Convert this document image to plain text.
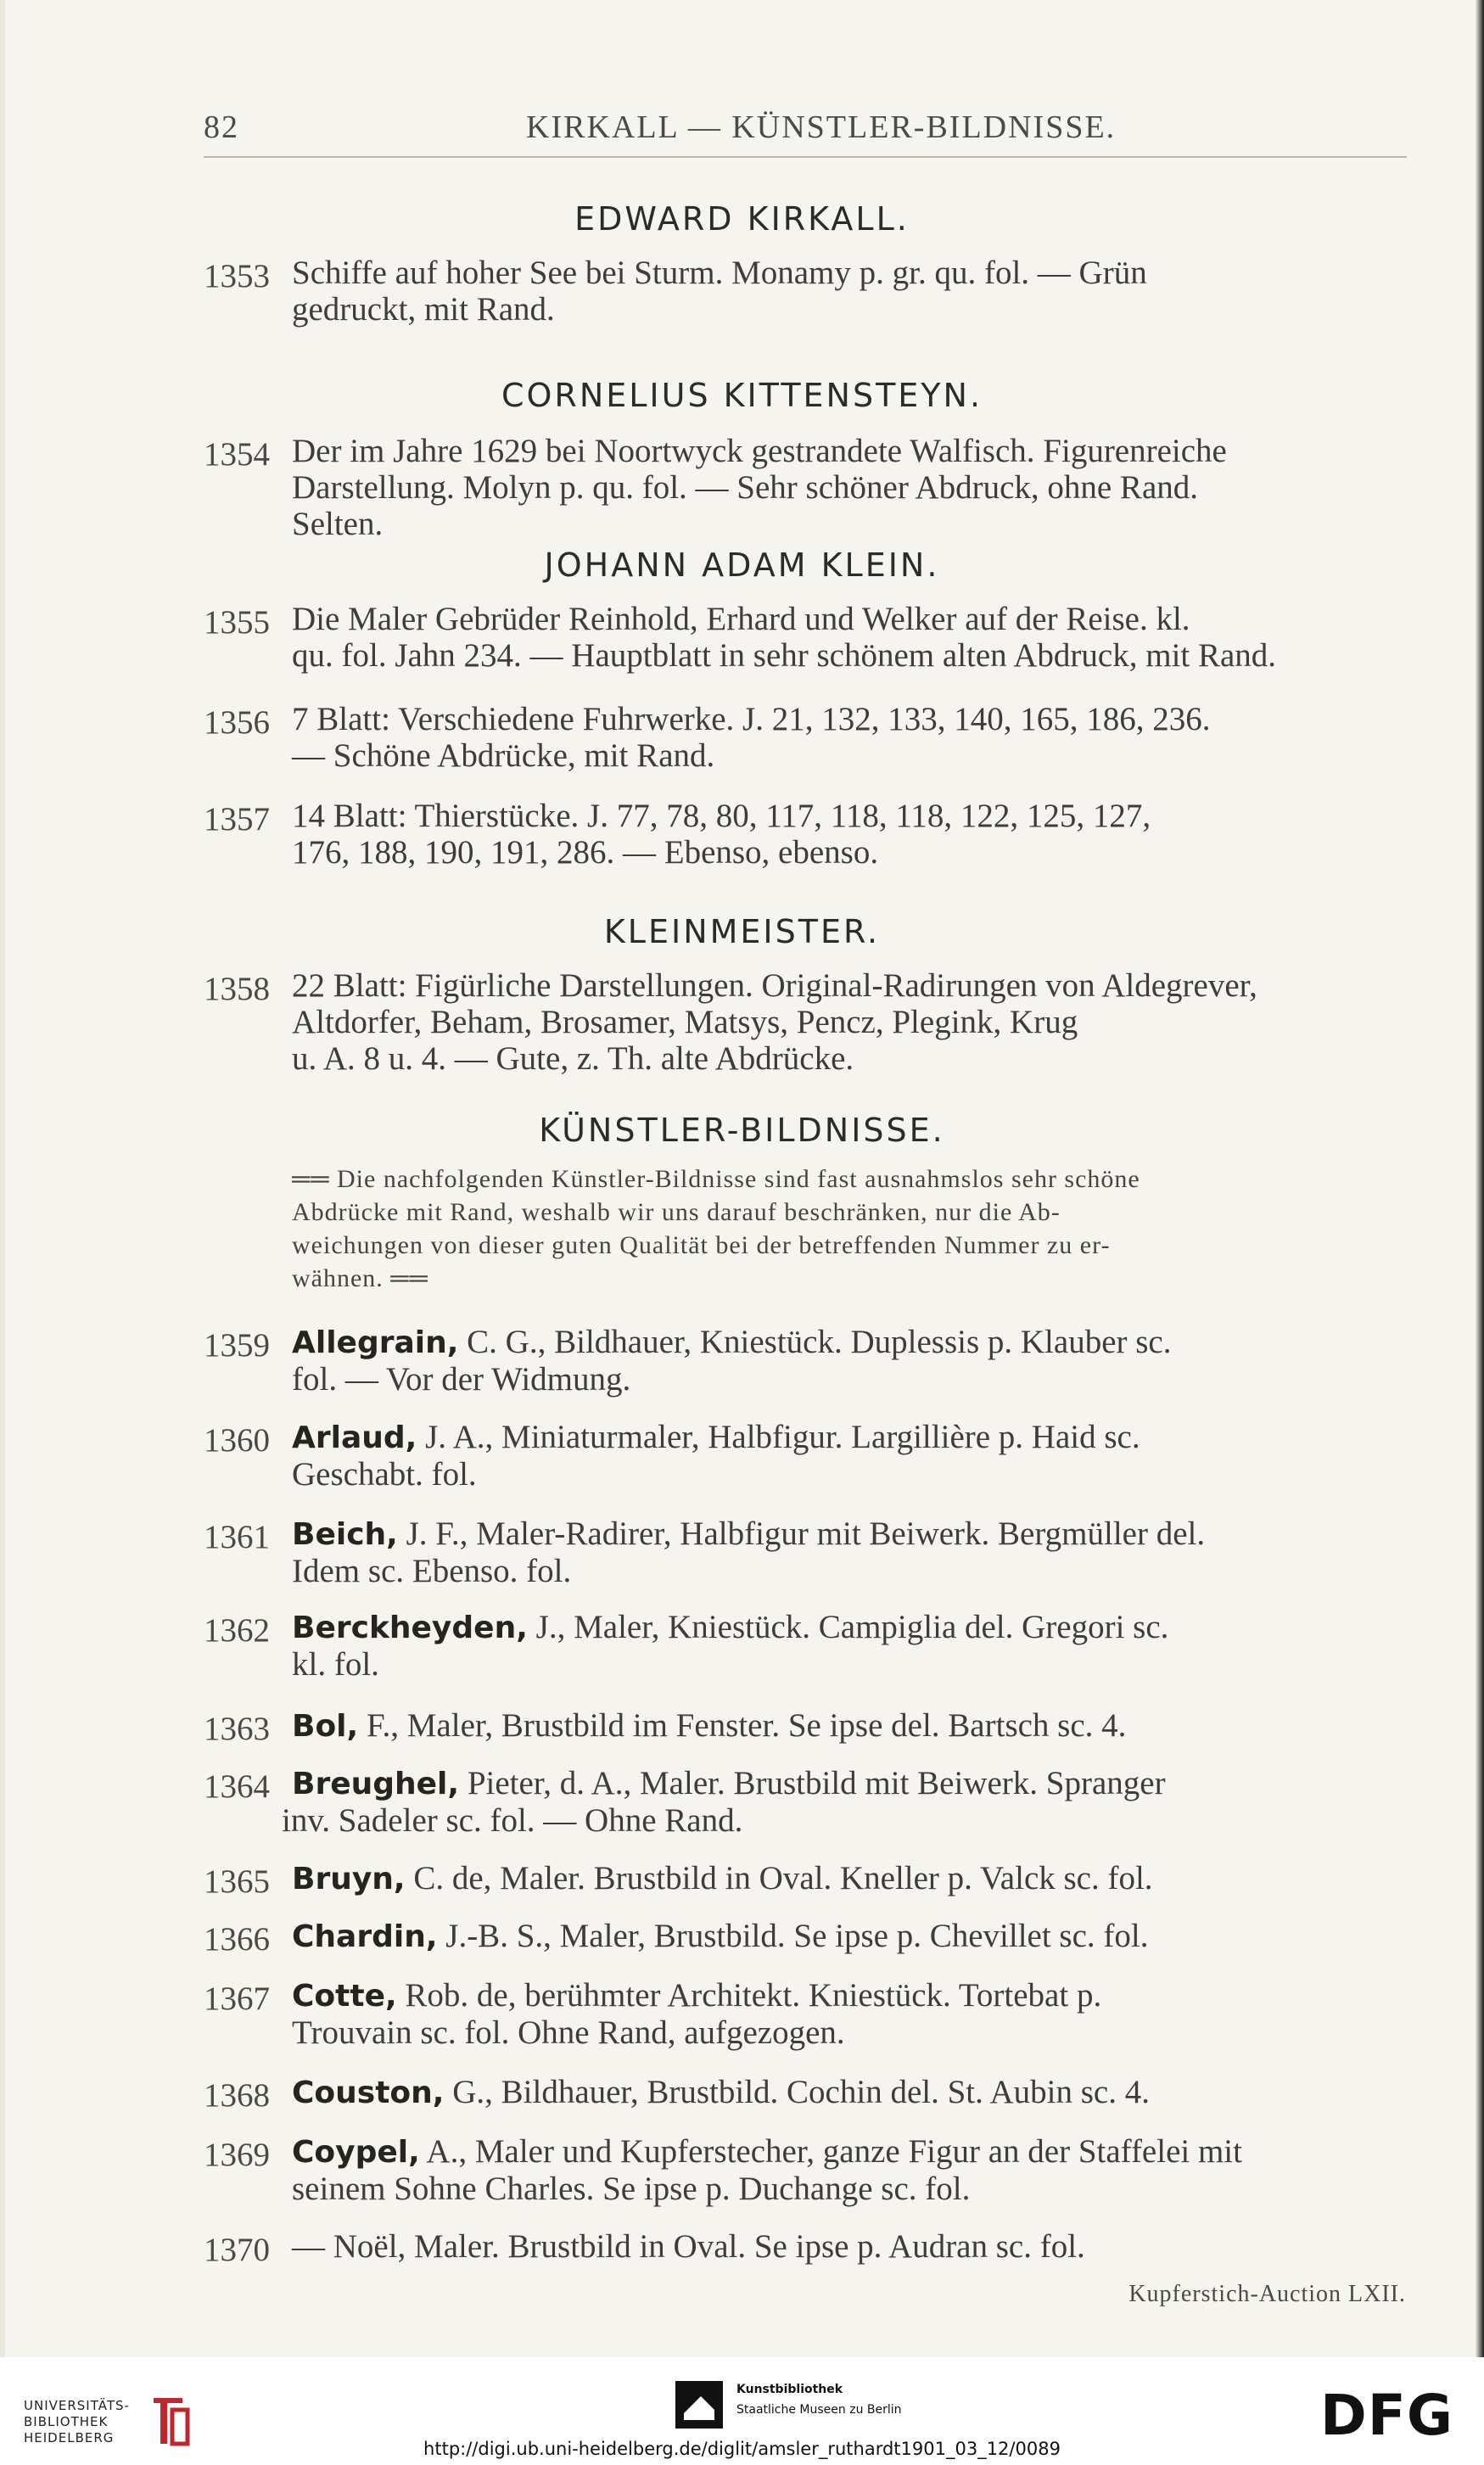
82	KIRKALL — KÜNSTLER-BILDNISSE.
EDWARD KIRKALL.
1353 Schiffe auf hoher See bei Sturm. Monamy p. gr. qu. fol. — Grün
gedruckt, mit Rand.
CORNELIUS KITTENSTEYN.
1354 Der im Jahre 1629 bei Noortwyck gestrandete Walfisch. Figurenreiche
Darstellung. Molyn p. qu. fol. — Sehr schöner Abdruck, ohne Rand.
Selten.
JOHANN ADAM KLEIN.
1355 Die Maler Gebrüder Reinhold, Erhard und Welker auf der Reise. kl.
qu. fol. Jahn 234. — Hauptblatt in sehr schönem alten Abdruck, mit Rand.
1356 7 Blatt: Verschiedene Fuhrwerke. J. 21, 132, 133, 140, 165, 186, 236.
— Schöne Abdrücke, mit Rand.
1357 14 Blatt: Thierstücke. J. 77, 78, 80, 117, 118, 118, 122, 125, 127,
176, 188, 190, 191, 286. — Ebenso, ebenso.
KLEINMEISTER.
1358 22 Blatt: Figürliche Darstellungen. Original-Radirungen von Aldegrever,
Altdorfer, Beham, Brosamer, Matsys, Pencz, Plegink, Krug
u. A. 8 u. 4. — Gute, z. Th. alte Abdrücke.
KÜNSTLER-BILDNISSE.
══ Die nachfolgenden Künstler-Bildnisse sind fast ausnahmslos sehr schöne
Abdrücke mit Rand, weshalb wir uns darauf beschränken, nur die Ab-
weichungen von dieser guten Qualität bei der betreffenden Nummer zu er-
wähnen. ══
1359 Allegrain, C. G., Bildhauer, Kniestück. Duplessis p. Klauber sc.
fol. — Vor der Widmung.
1360 Arlaud, J. A., Miniaturmaler, Halbfigur. Largillière p. Haid sc.
Geschabt. fol.
1361 Beich, J. F., Maler-Radirer, Halbfigur mit Beiwerk. Bergmüller del.
Idem sc. Ebenso. fol.
1362 Berckheyden, J., Maler, Kniestück. Campiglia del. Gregori sc.
kl. fol.
1363 Bol, F., Maler, Brustbild im Fenster. Se ipse del. Bartsch sc. 4.
1364 Breughel, Pieter, d. A., Maler. Brustbild mit Beiwerk. Spranger
inv. Sadeler sc. fol. — Ohne Rand.
1365 Bruyn, C. de, Maler. Brustbild in Oval. Kneller p. Valck sc. fol.
1366 Chardin, J.-B. S., Maler, Brustbild. Se ipse p. Chevillet sc. fol.
1367 Cotte, Rob. de, berühmter Architekt. Kniestück. Tortebat p.
Trouvain sc. fol. Ohne Rand, aufgezogen.
1368 Couston, G., Bildhauer, Brustbild. Cochin del. St. Aubin sc. 4.
1369 Coypel, A., Maler und Kupferstecher, ganze Figur an der Staffelei mit
seinem Sohne Charles. Se ipse p. Duchange sc. fol.
1370 — Noël, Maler. Brustbild in Oval. Se ipse p. Audran sc. fol.
Kupferstich-Auction LXII.
UNIVERSITÄTS-
BIBLIOTHEK
HEIDELBERG
Kunstbibliothek
Staatliche Museen zu Berlin	DFG
http://digi.ub.uni-heidelberg.de/diglit/amsler_ruthardt1901_03_12/0089
